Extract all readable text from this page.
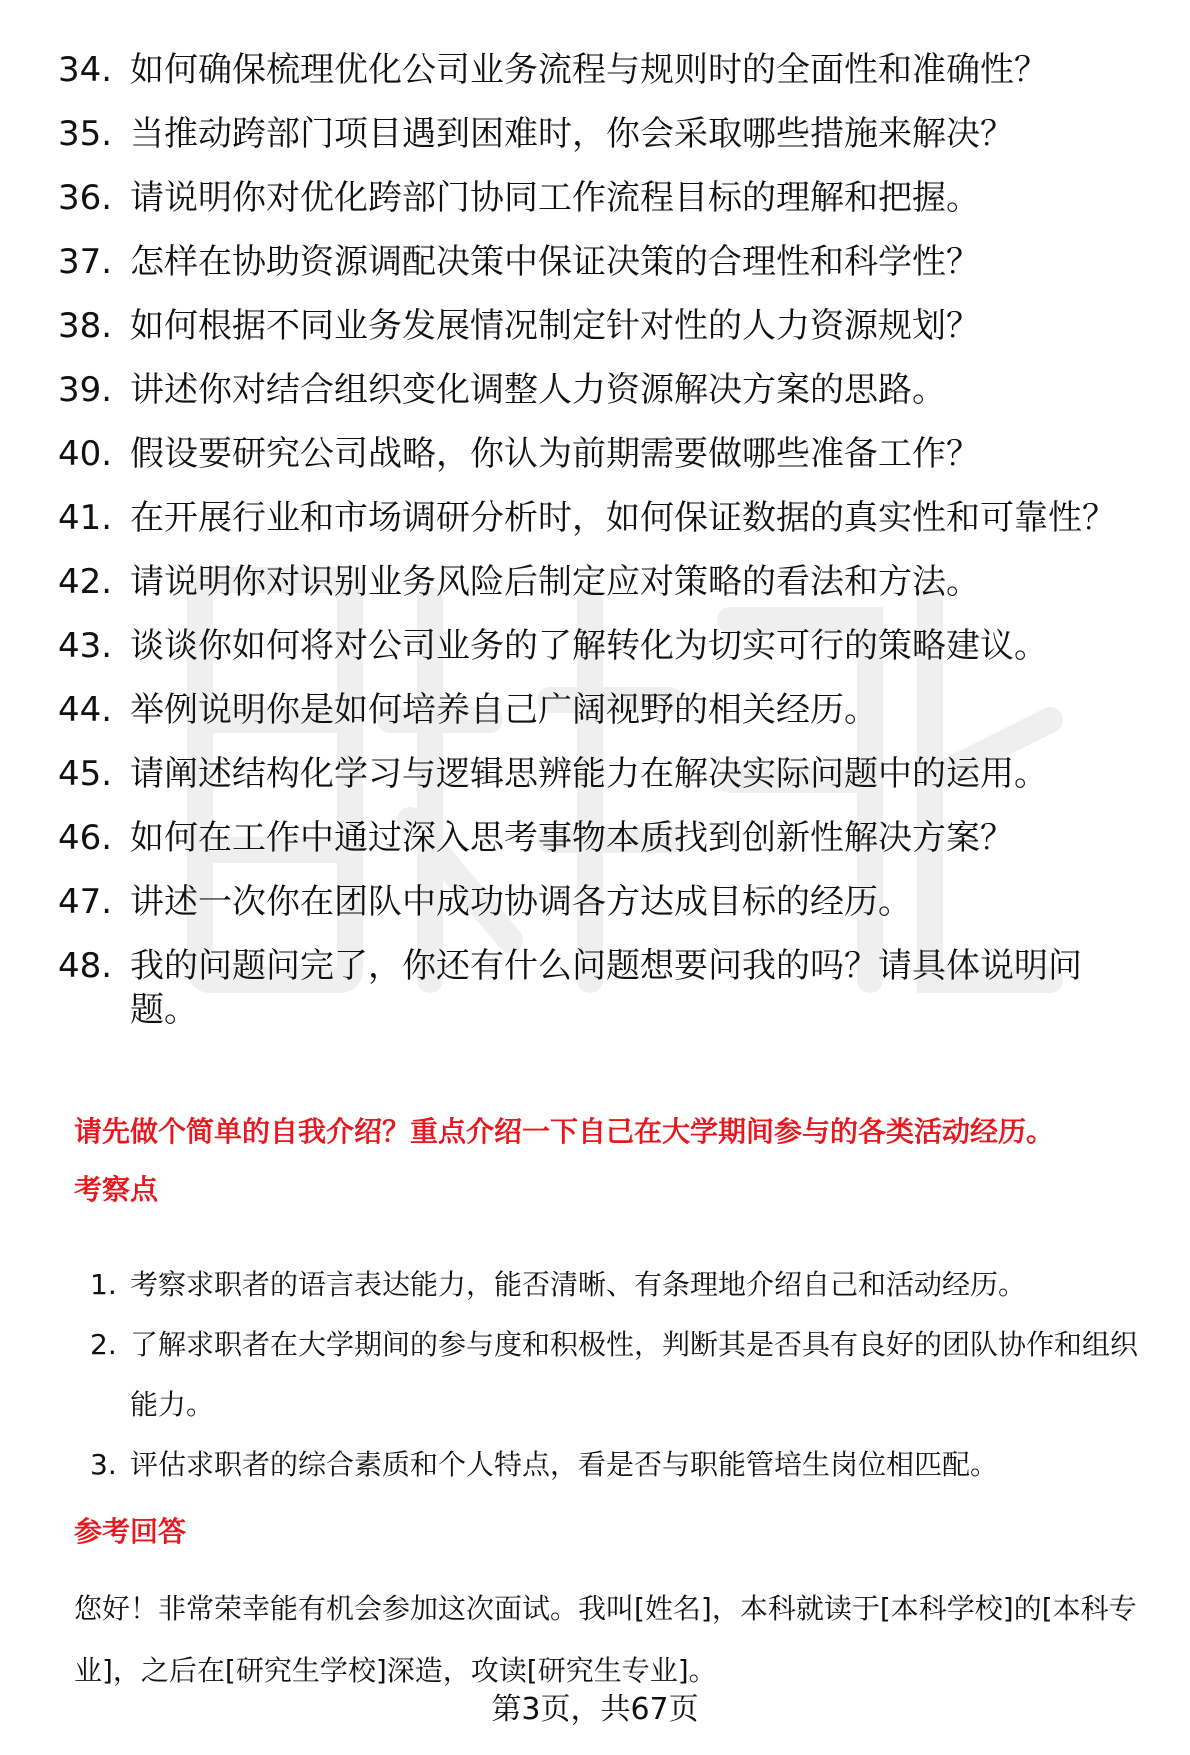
34. 如何确保梳理优化公司业务流程与规则时的全面性和准确性？
35. 当推动跨部门项目遇到困难时，你会采取哪些措施来解决？
36. 请说明你对优化跨部门协同工作流程目标的理解和把握。
37. 怎样在协助资源调配决策中保证决策的合理性和科学性？
38. 如何根据不同业务发展情况制定针对性的人力资源规划？
39. 讲述你对结合组织变化调整人力资源解决方案的思路。
40. 假设要研究公司战略，你认为前期需要做哪些准备工作？
41. 在开展行业和市场调研分析时，如何保证数据的真实性和可靠性？
42. 请说明你对识别业务风险后制定应对策略的看法和方法。
43. 谈谈你如何将对公司业务的了解转化为切实可行的策略建议。
44. 举例说明你是如何培养自己广阔视野的相关经历。
45. 请阐述结构化学习与逻辑思辨能力在解决实际问题中的运用。
46. 如何在工作中通过深入思考事物本质找到创新性解决方案？
47. 讲述一次你在团队中成功协调各方达成目标的经历。
48. 我的问题问完了，你还有什么问题想要问我的吗？请具体说明问题。
请先做个简单的自我介绍？重点介绍一下自己在大学期间参与的各类活动经历。
考察点
1. 考察求职者的语言表达能力，能否清晰、有条理地介绍自己和活动经历。
2. 了解求职者在大学期间的参与度和积极性，判断其是否具有良好的团队协作和组织能力。
3. 评估求职者的综合素质和个人特点，看是否与职能管培生岗位相匹配。
参考回答

您好！非常荣幸能有机会参加这次面试。我叫[姓名]，本科就读于[本科学校]的[本科专业]，之后在[研究生学校]深造，攻读[研究生专业]。

第3页，共67页
